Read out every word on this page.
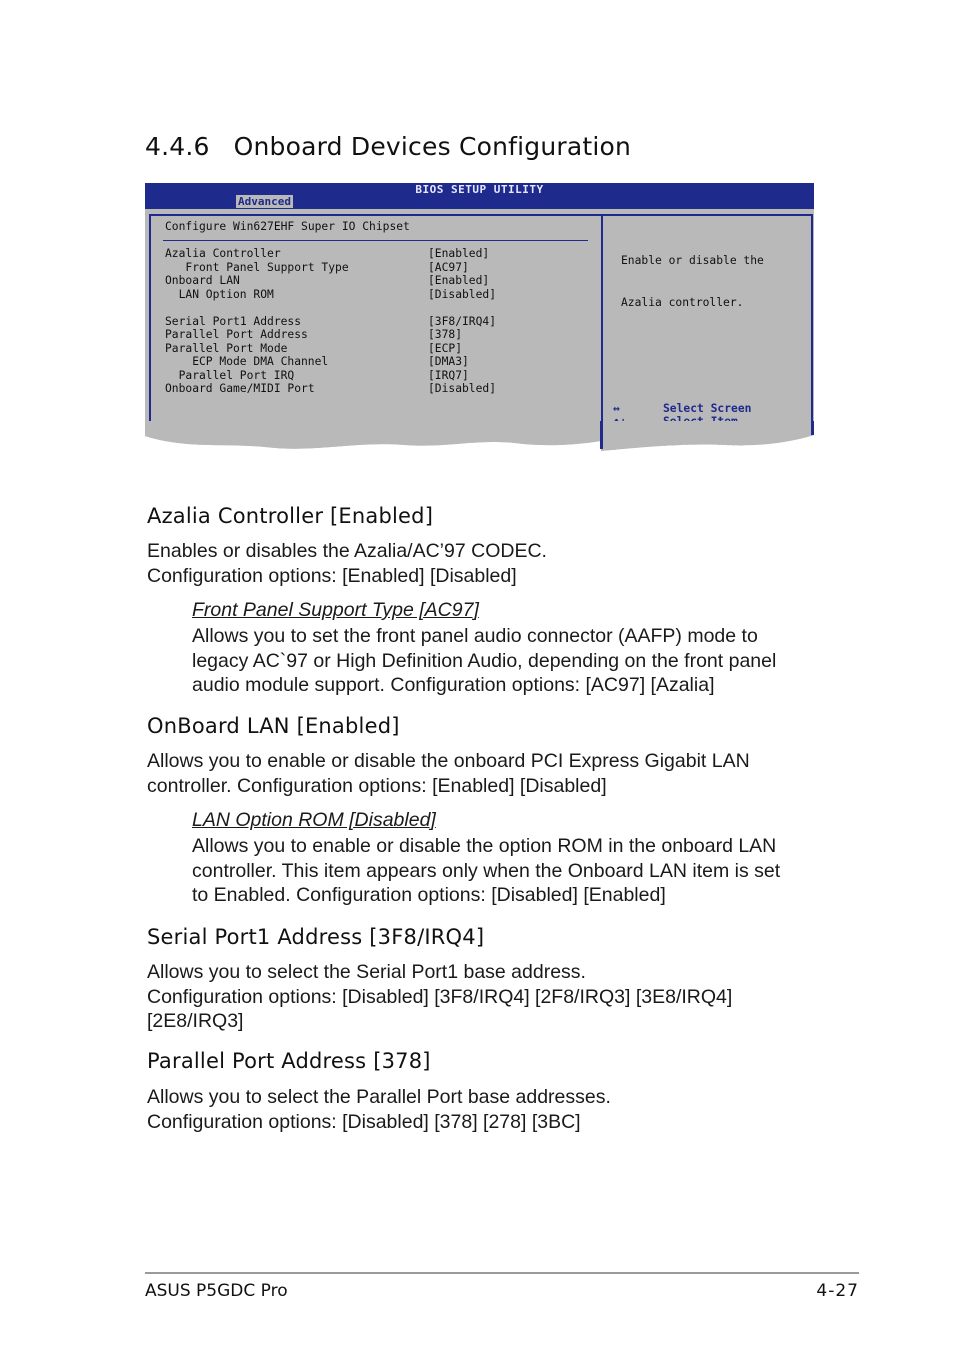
4.4.6 Onboard Devices Configuration
BIOS SETUP UTILITY
Advanced
Configure Win627EHF Super IO Chipset
Azalia Controller	[Enabled]
Front Panel Support Type	[AC97]
Onboard LAN	[Enabled]
LAN Option ROM	[Disabled]
Serial Port1 Address	[3F8/IRQ4]
Parallel Port Address	[378]
Parallel Port Mode	[ECP]
ECP Mode DMA Channel	[DMA3]
Parallel Port IRQ	[IRQ7]
Onboard Game/MIDI Port	[Disabled]

Enable or disable the

Azalia controller.

↔	Select Screen
Azalia Controller [Enabled]

Enables or disables the Azalia/AC’97 CODEC.
Configuration options: [Enabled] [Disabled]

Front Panel Support Type [AC97]

Allows you to set the front panel audio connector (AAFP) mode to
legacy AC`97 or High Definition Audio, depending on the front panel
audio module support. Configuration options: [AC97] [Azalia]

OnBoard LAN [Enabled]

Allows you to enable or disable the onboard PCI Express Gigabit LAN
controller. Configuration options: [Enabled] [Disabled]

LAN Option ROM [Disabled]

Allows you to enable or disable the option ROM in the onboard LAN
controller. This item appears only when the Onboard LAN item is set
to Enabled. Configuration options: [Disabled] [Enabled]

Serial Port1 Address [3F8/IRQ4]

Allows you to select the Serial Port1 base address.
Configuration options: [Disabled] [3F8/IRQ4] [2F8/IRQ3] [3E8/IRQ4]
[2E8/IRQ3]

Parallel Port Address [378]

Allows you to select the Parallel Port base addresses.
Configuration options: [Disabled] [378] [278] [3BC]

ASUS P5GDC Pro	4-27
